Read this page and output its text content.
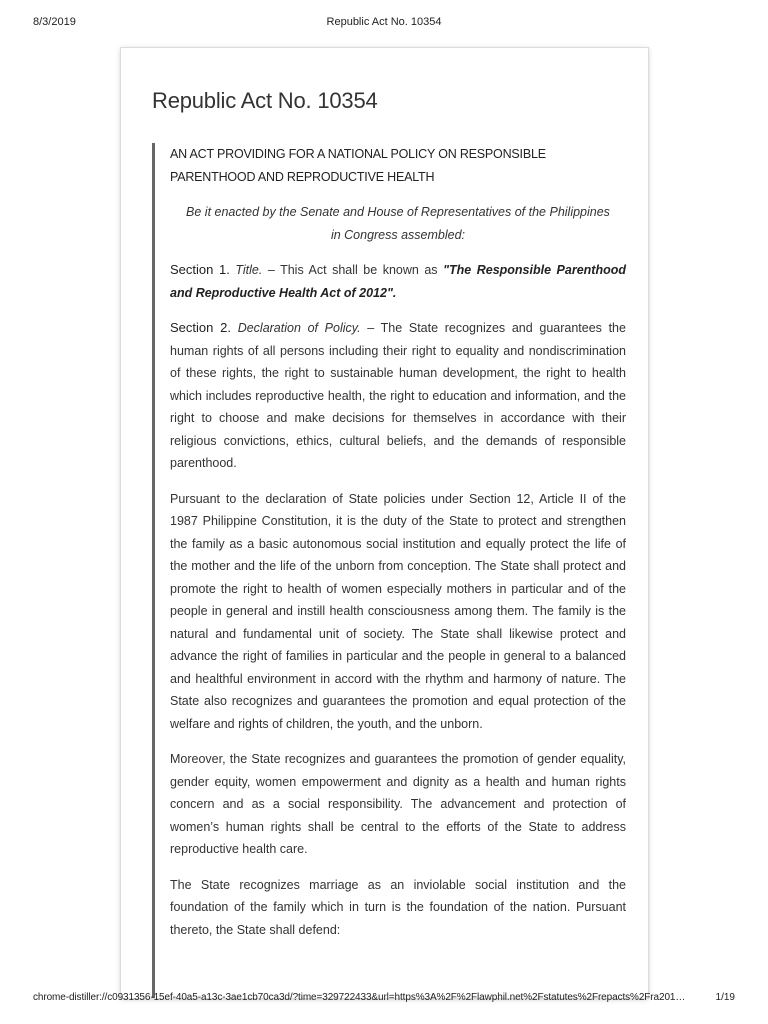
8/3/2019	Republic Act No. 10354
Republic Act No. 10354

AN ACT PROVIDING FOR A NATIONAL POLICY ON RESPONSIBLE
PARENTHOOD AND REPRODUCTIVE HEALTH

Be it enacted by the Senate and House of Representatives of the Philippines
in Congress assembled:

Section 1. Title. – This Act shall be known as "The Responsible Parenthood and Reproductive Health Act of 2012".

Section 2. Declaration of Policy. – The State recognizes and guarantees the human rights of all persons including their right to equality and nondiscrimination of these rights, the right to sustainable human development, the right to health which includes reproductive health, the right to education and information, and the right to choose and make decisions for themselves in accordance with their religious convictions, ethics, cultural beliefs, and the demands of responsible parenthood.

Pursuant to the declaration of State policies under Section 12, Article II of the 1987 Philippine Constitution, it is the duty of the State to protect and strengthen the family as a basic autonomous social institution and equally protect the life of the mother and the life of the unborn from conception. The State shall protect and promote the right to health of women especially mothers in particular and of the people in general and instill health consciousness among them. The family is the natural and fundamental unit of society. The State shall likewise protect and advance the right of families in particular and the people in general to a balanced and healthful environment in accord with the rhythm and harmony of nature. The State also recognizes and guarantees the promotion and equal protection of the welfare and rights of children, the youth, and the unborn.

Moreover, the State recognizes and guarantees the promotion of gender equality, gender equity, women empowerment and dignity as a health and human rights concern and as a social responsibility. The advancement and protection of women’s human rights shall be central to the efforts of the State to address reproductive health care.

The State recognizes marriage as an inviolable social institution and the foundation of the family which in turn is the foundation of the nation. Pursuant thereto, the State shall defend:

chrome-distiller://c0931356-15ef-40a5-a13c-3ae1cb70ca3d/?time=329722433&url=https%3A%2F%2Flawphil.net%2Fstatutes%2Frepacts%2Fra201…	1/19
